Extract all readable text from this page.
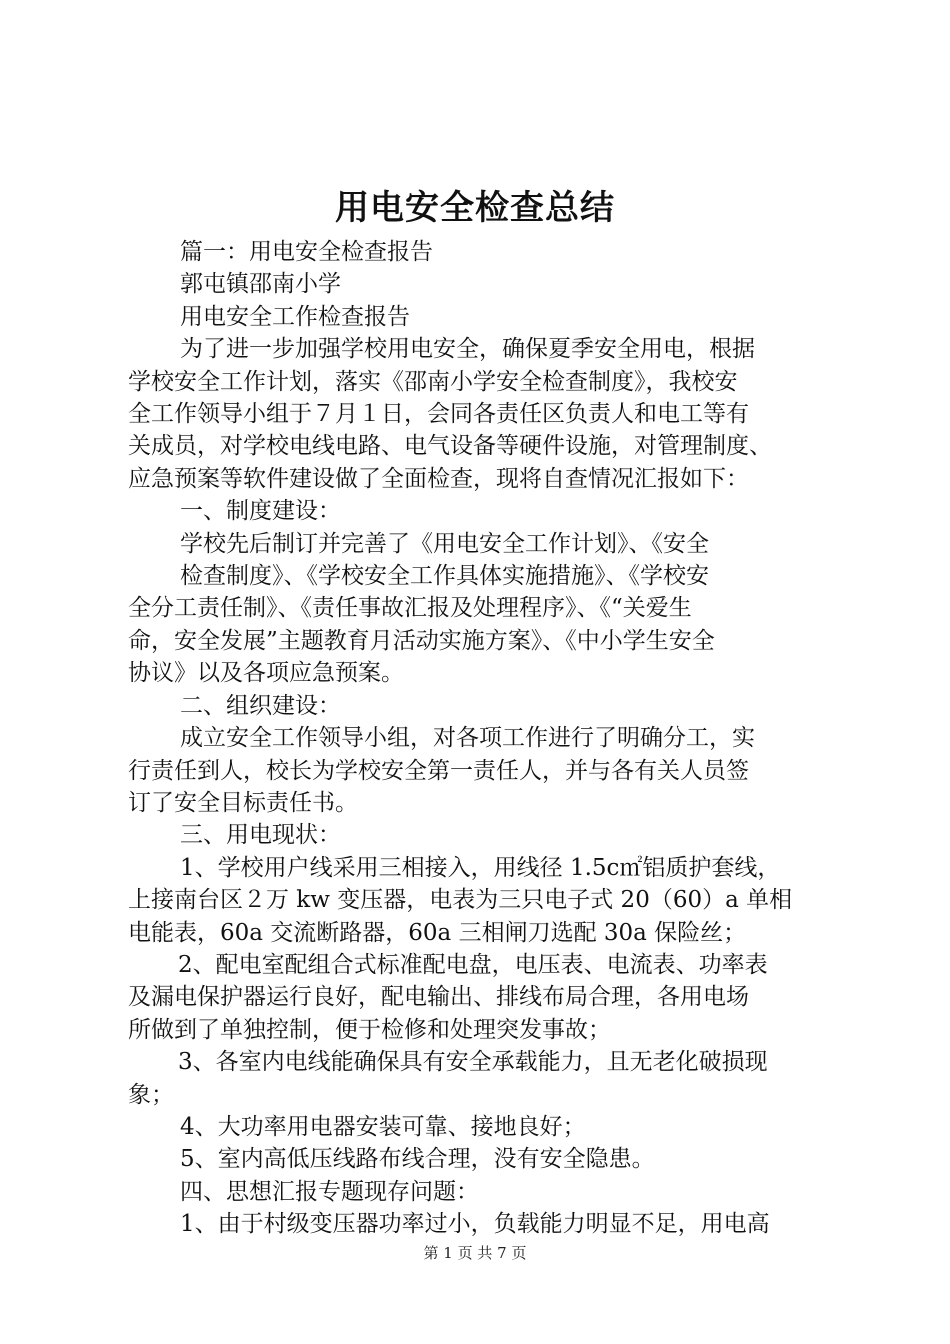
用电安全检查总结

篇一：用电安全检查报告

郭屯镇邵南小学

用电安全工作检查报告

为了进一步加强学校用电安全，确保夏季安全用电，根据

学校安全工作计划，落实《邵南小学安全检查制度》，我校安

全工作领导小组于７月１日，会同各责任区负责人和电工等有

关成员，对学校电线电路、电气设备等硬件设施，对管理制度、

应急预案等软件建设做了全面检查，现将自查情况汇报如下：

一、制度建设：

学校先后制订并完善了《用电安全工作计划》、《安全

检查制度》、《学校安全工作具体实施措施》、《学校安

全分工责任制》、《责任事故汇报及处理程序》、《“关爱生

命，安全发展”主题教育月活动实施方案》、《中小学生安全

协议》以及各项应急预案。

二、组织建设：

成立安全工作领导小组，对各项工作进行了明确分工，实

行责任到人，校长为学校安全第一责任人，并与各有关人员签

订了安全目标责任书。

三、用电现状：

1、学校用户线采用三相接入，用线径 1.5c㎡铝质护套线，

上接南台区２万 kw 变压器，电表为三只电子式 20（60）a 单相

电能表，60a 交流断路器，60a 三相闸刀选配 30a 保险丝；

2、配电室配组合式标准配电盘，电压表、电流表、功率表

及漏电保护器运行良好，配电输出、排线布局合理，各用电场

所做到了单独控制，便于检修和处理突发事故；

3、各室内电线能确保具有安全承载能力，且无老化破损现

象；

4、大功率用电器安装可靠、接地良好；

5、室内高低压线路布线合理，没有安全隐患。

四、思想汇报专题现存问题：

1、由于村级变压器功率过小，负载能力明显不足，用电高

第 1 页 共 7 页
